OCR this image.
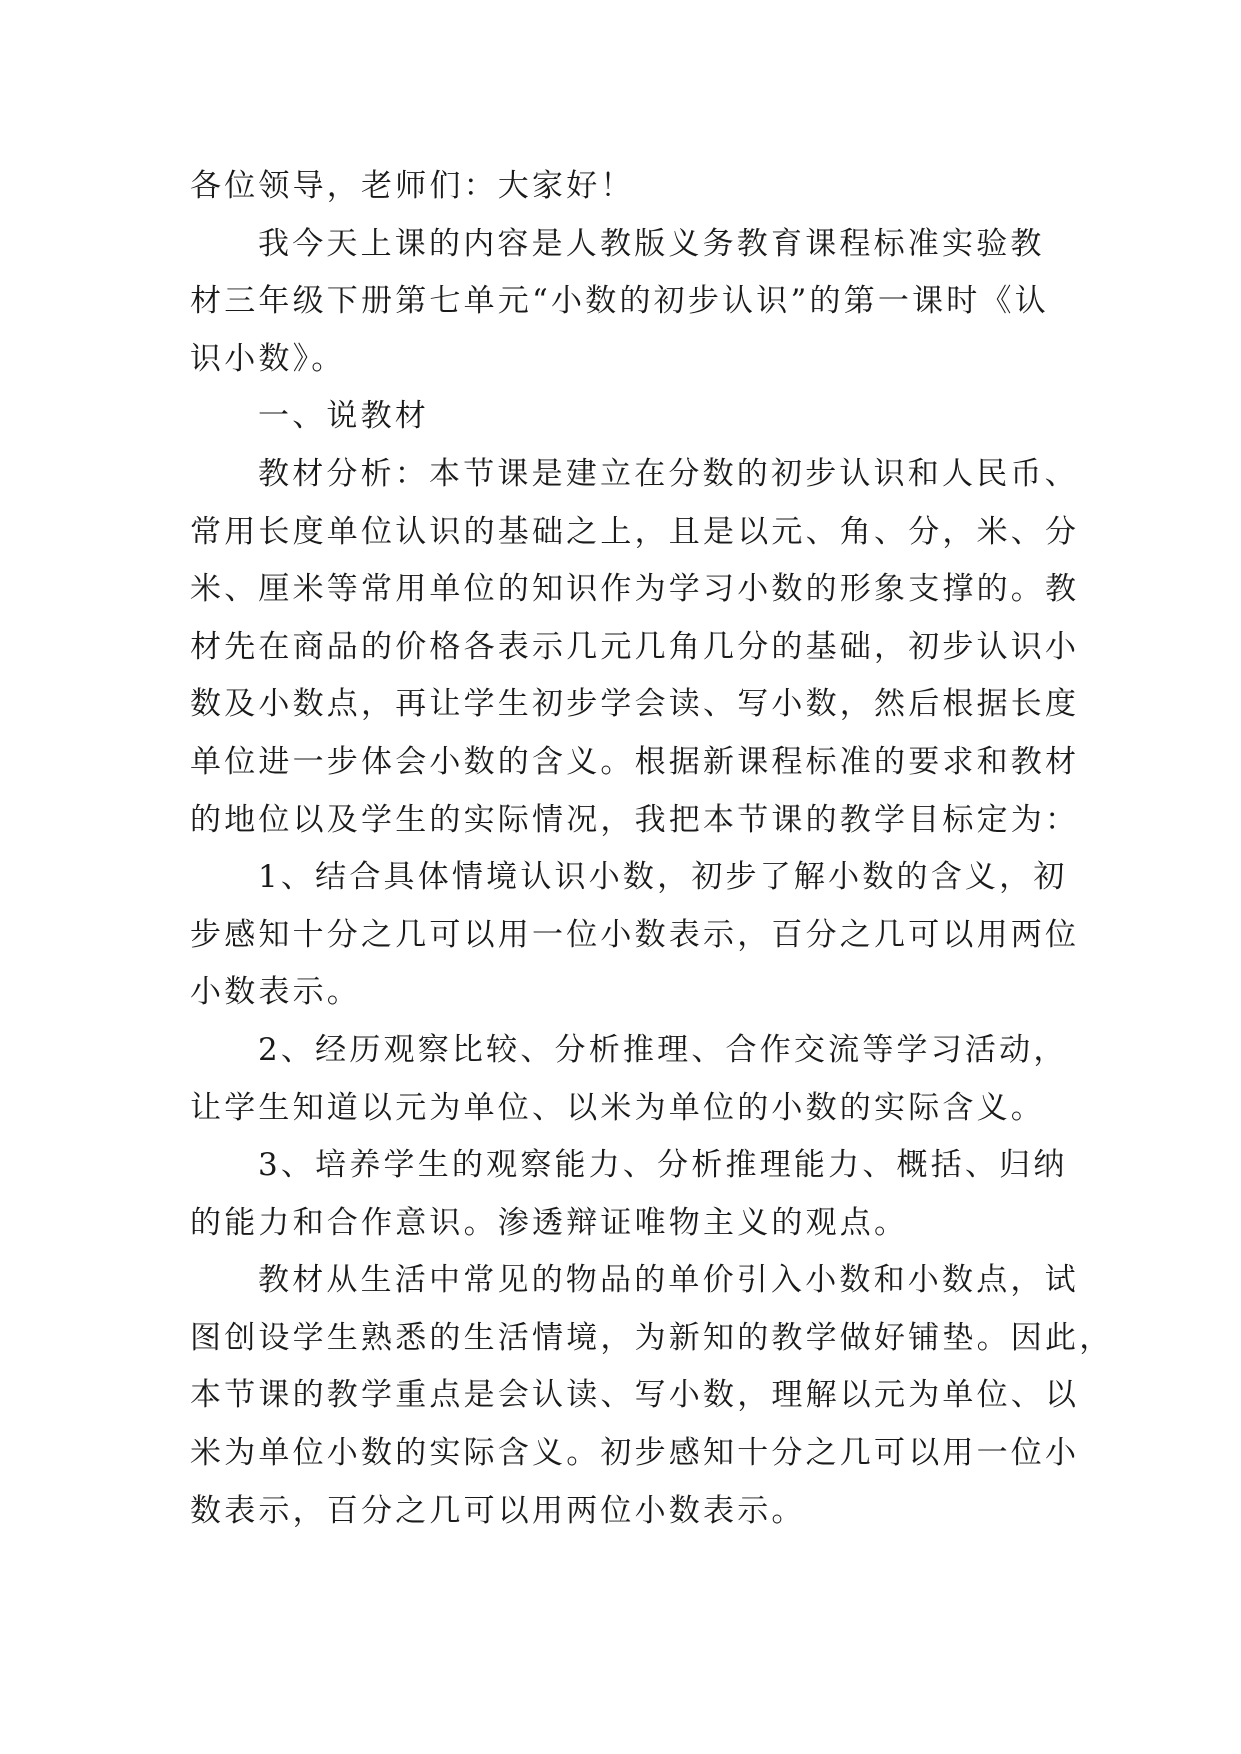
各位领导，老师们：大家好！

我今天上课的内容是人教版义务教育课程标准实验教
材三年级下册第七单元“小数的初步认识”的第一课时《认
识小数》。

一、说教材

教材分析：本节课是建立在分数的初步认识和人民币、
常用长度单位认识的基础之上，且是以元、角、分，米、分
米、厘米等常用单位的知识作为学习小数的形象支撑的。教
材先在商品的价格各表示几元几角几分的基础，初步认识小
数及小数点，再让学生初步学会读、写小数，然后根据长度
单位进一步体会小数的含义。根据新课程标准的要求和教材
的地位以及学生的实际情况，我把本节课的教学目标定为：

1、结合具体情境认识小数，初步了解小数的含义，初
步感知十分之几可以用一位小数表示，百分之几可以用两位
小数表示。

2、经历观察比较、分析推理、合作交流等学习活动，
让学生知道以元为单位、以米为单位的小数的实际含义。

3、培养学生的观察能力、分析推理能力、概括、归纳
的能力和合作意识。渗透辩证唯物主义的观点。

教材从生活中常见的物品的单价引入小数和小数点，试
图创设学生熟悉的生活情境，为新知的教学做好铺垫。因此，
本节课的教学重点是会认读、写小数，理解以元为单位、以
米为单位小数的实际含义。初步感知十分之几可以用一位小
数表示，百分之几可以用两位小数表示。
